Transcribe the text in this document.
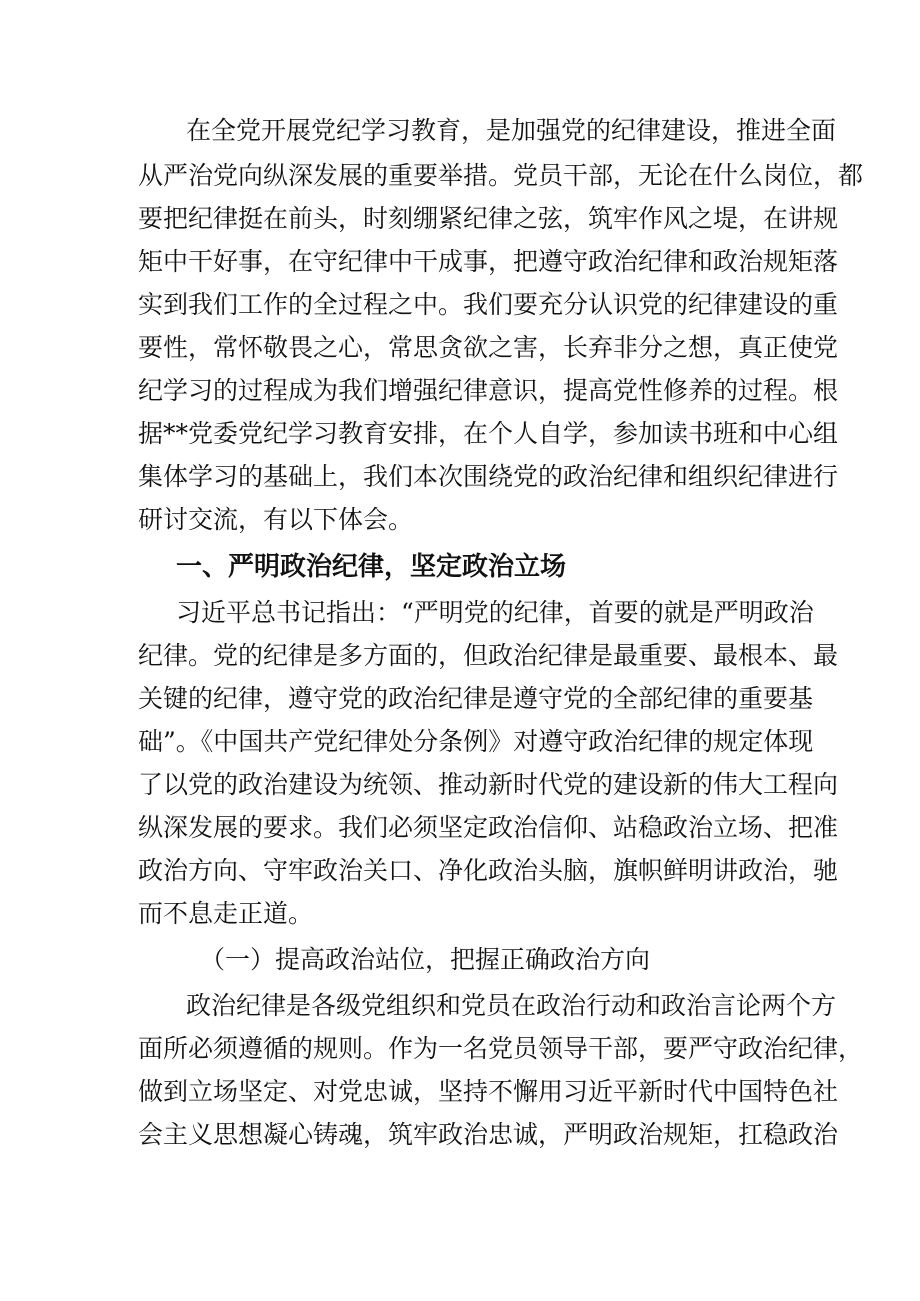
在全党开展党纪学习教育，是加强党的纪律建设，推进全面
从严治党向纵深发展的重要举措。党员干部，无论在什么岗位，都
要把纪律挺在前头，时刻绷紧纪律之弦，筑牢作风之堤，在讲规
矩中干好事，在守纪律中干成事，把遵守政治纪律和政治规矩落
实到我们工作的全过程之中。我们要充分认识党的纪律建设的重
要性，常怀敬畏之心，常思贪欲之害，长弃非分之想，真正使党
纪学习的过程成为我们增强纪律意识，提高党性修养的过程。根
据**党委党纪学习教育安排，在个人自学，参加读书班和中心组
集体学习的基础上，我们本次围绕党的政治纪律和组织纪律进行
研讨交流，有以下体会。
一、严明政治纪律，坚定政治立场
习近平总书记指出：“严明党的纪律，首要的就是严明政治
纪律。党的纪律是多方面的，但政治纪律是最重要、最根本、最
关键的纪律，遵守党的政治纪律是遵守党的全部纪律的重要基
础”。《中国共产党纪律处分条例》对遵守政治纪律的规定体现
了以党的政治建设为统领、推动新时代党的建设新的伟大工程向
纵深发展的要求。我们必须坚定政治信仰、站稳政治立场、把准
政治方向、守牢政治关口、净化政治头脑，旗帜鲜明讲政治，驰
而不息走正道。
（一）提高政治站位，把握正确政治方向
政治纪律是各级党组织和党员在政治行动和政治言论两个方
面所必须遵循的规则。作为一名党员领导干部，要严守政治纪律，
做到立场坚定、对党忠诚，坚持不懈用习近平新时代中国特色社
会主义思想凝心铸魂，筑牢政治忠诚，严明政治规矩，扛稳政治
